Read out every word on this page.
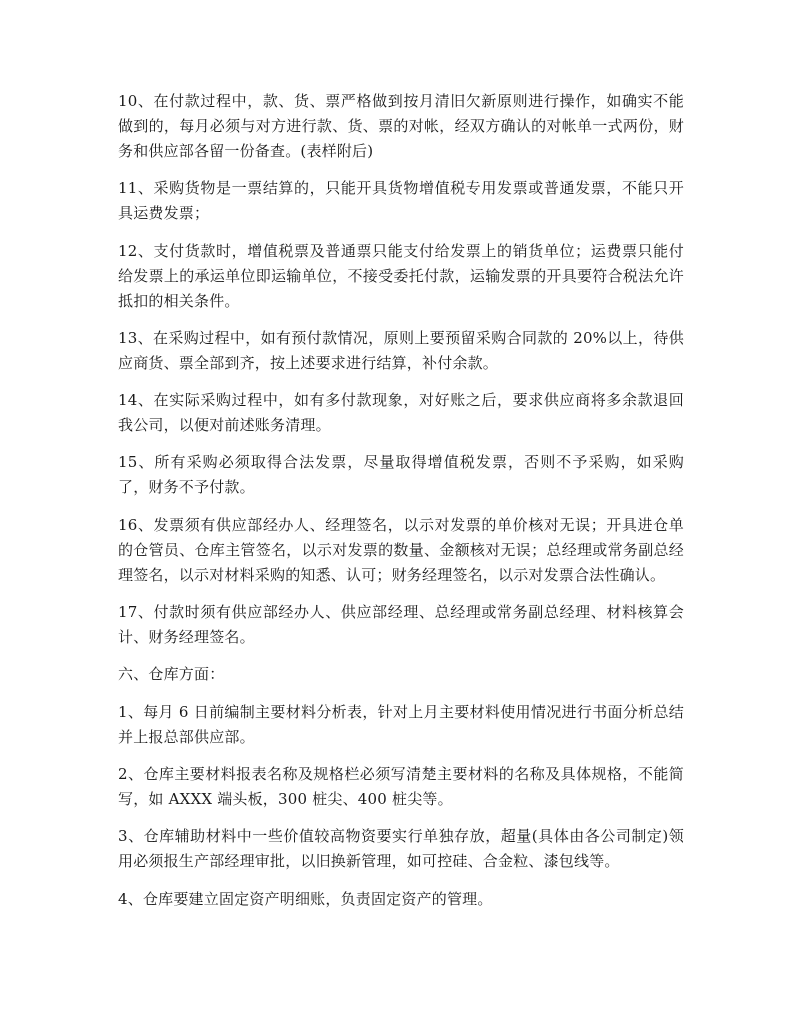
10、在付款过程中，款、货、票严格做到按月清旧欠新原则进行操作，如确实不能做到的，每月必须与对方进行款、货、票的对帐，经双方确认的对帐单一式两份，财务和供应部各留一份备查。(表样附后)

11、采购货物是一票结算的，只能开具货物增值税专用发票或普通发票，不能只开具运费发票；

12、支付货款时，增值税票及普通票只能支付给发票上的销货单位；运费票只能付给发票上的承运单位即运输单位，不接受委托付款，运输发票的开具要符合税法允许抵扣的相关条件。

13、在采购过程中，如有预付款情况，原则上要预留采购合同款的 20%以上，待供应商货、票全部到齐，按上述要求进行结算，补付余款。

14、在实际采购过程中，如有多付款现象，对好账之后，要求供应商将多余款退回我公司，以便对前述账务清理。

15、所有采购必须取得合法发票，尽量取得增值税发票，否则不予采购，如采购了，财务不予付款。

16、发票须有供应部经办人、经理签名，以示对发票的单价核对无误；开具进仓单的仓管员、仓库主管签名，以示对发票的数量、金额核对无误；总经理或常务副总经理签名，以示对材料采购的知悉、认可；财务经理签名，以示对发票合法性确认。

17、付款时须有供应部经办人、供应部经理、总经理或常务副总经理、材料核算会计、财务经理签名。

六、仓库方面：

1、每月 6 日前编制主要材料分析表，针对上月主要材料使用情况进行书面分析总结并上报总部供应部。

2、仓库主要材料报表名称及规格栏必须写清楚主要材料的名称及具体规格，不能简写，如 AXXX 端头板，300 桩尖、400 桩尖等。

3、仓库辅助材料中一些价值较高物资要实行单独存放，超量(具体由各公司制定)领用必须报生产部经理审批，以旧换新管理，如可控硅、合金粒、漆包线等。

4、仓库要建立固定资产明细账，负责固定资产的管理。
